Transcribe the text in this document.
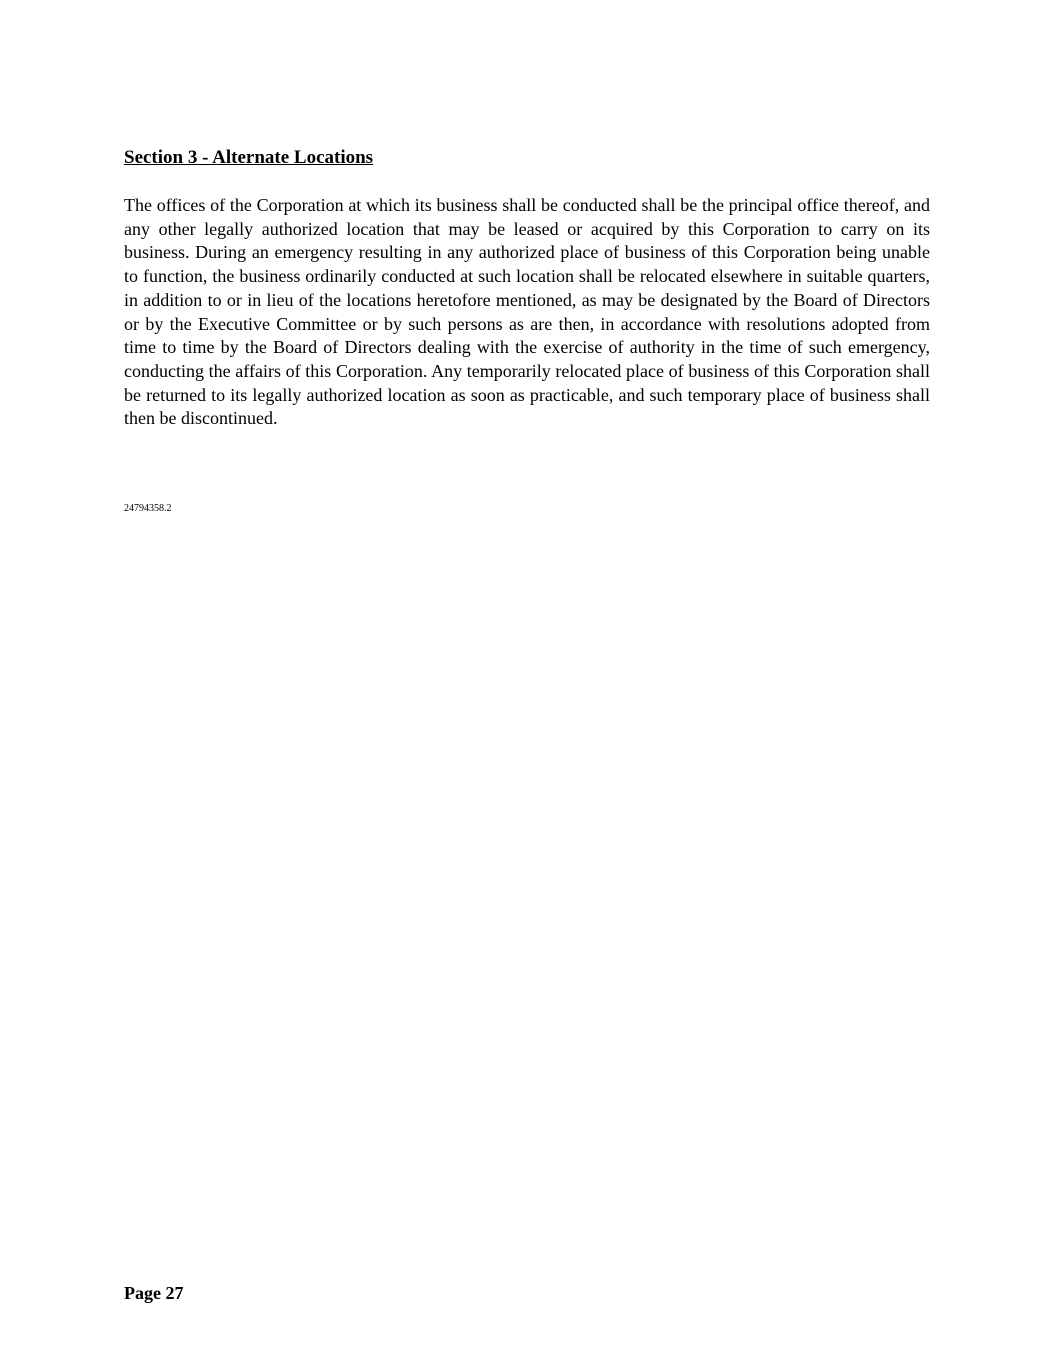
Section 3 - Alternate Locations

The offices of the Corporation at which its business shall be conducted shall be the principal office thereof, and any other legally authorized location that may be leased or acquired by this Corporation to carry on its business. During an emergency resulting in any authorized place of business of this Corporation being unable to function, the business ordinarily conducted at such location shall be relocated elsewhere in suitable quarters, in addition to or in lieu of the locations heretofore mentioned, as may be designated by the Board of Directors or by the Executive Committee or by such persons as are then, in accordance with resolutions adopted from time to time by the Board of Directors dealing with the exercise of authority in the time of such emergency, conducting the affairs of this Corporation. Any temporarily relocated place of business of this Corporation shall be returned to its legally authorized location as soon as practicable, and such temporary place of business shall then be discontinued.

24794358.2

Page 27
